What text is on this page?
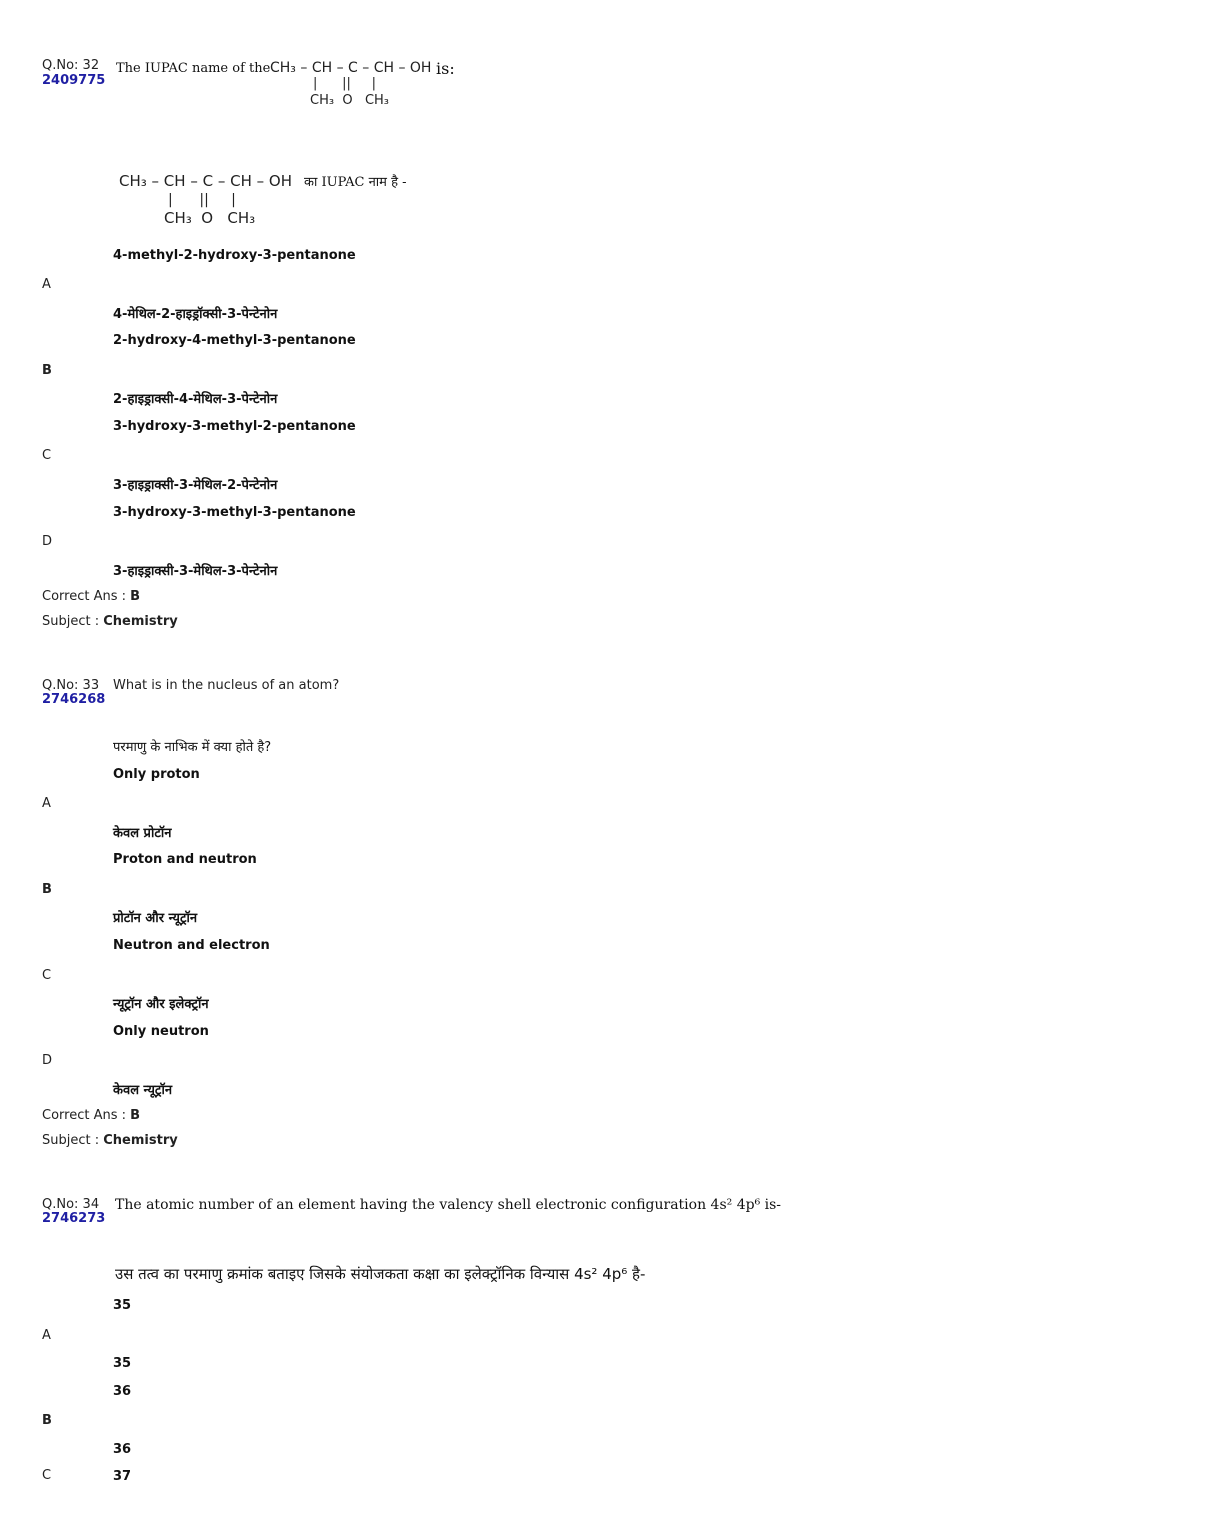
Q.No: 32
2409775
The IUPAC name of the CH₃ – CH – C – CH – OH is:
|      ||     |
CH₃  O   CH₃
CH₃ – CH – C – CH – OH का IUPAC नाम है -
|      ||     |
CH₃  O   CH₃
4-methyl-2-hydroxy-3-pentanone
A
4-मेथिल-2-हाइड्रॉक्सी-3-पेन्टेनोन
2-hydroxy-4-methyl-3-pentanone
B
2-हाइड्राक्सी-4-मेथिल-3-पेन्टेनोन
3-hydroxy-3-methyl-2-pentanone
C
3-हाइड्राक्सी-3-मेथिल-2-पेन्टेनोन
3-hydroxy-3-methyl-3-pentanone
D
3-हाइड्राक्सी-3-मेथिल-3-पेन्टेनोन
Correct Ans : B
Subject : Chemistry
Q.No: 33
2746268
What is in the nucleus of an atom?
परमाणु के नाभिक में क्या होते है?
Only proton
A
केवल प्रोटॉन
Proton and neutron
B
प्रोटॉन और न्यूट्रॉन
Neutron and electron
C
न्यूट्रॉन और इलेक्ट्रॉन
Only neutron
D
केवल न्यूट्रॉन
Correct Ans : B
Subject : Chemistry
Q.No: 34
2746273
The atomic number of an element having the valency shell electronic configuration 4s² 4p⁶ is-
उस तत्व का परमाणु क्रमांक बताइए जिसके संयोजकता कक्षा का इलेक्ट्रॉनिक विन्यास 4s² 4p⁶ है-
35
A
35
36
B
36
C	37
